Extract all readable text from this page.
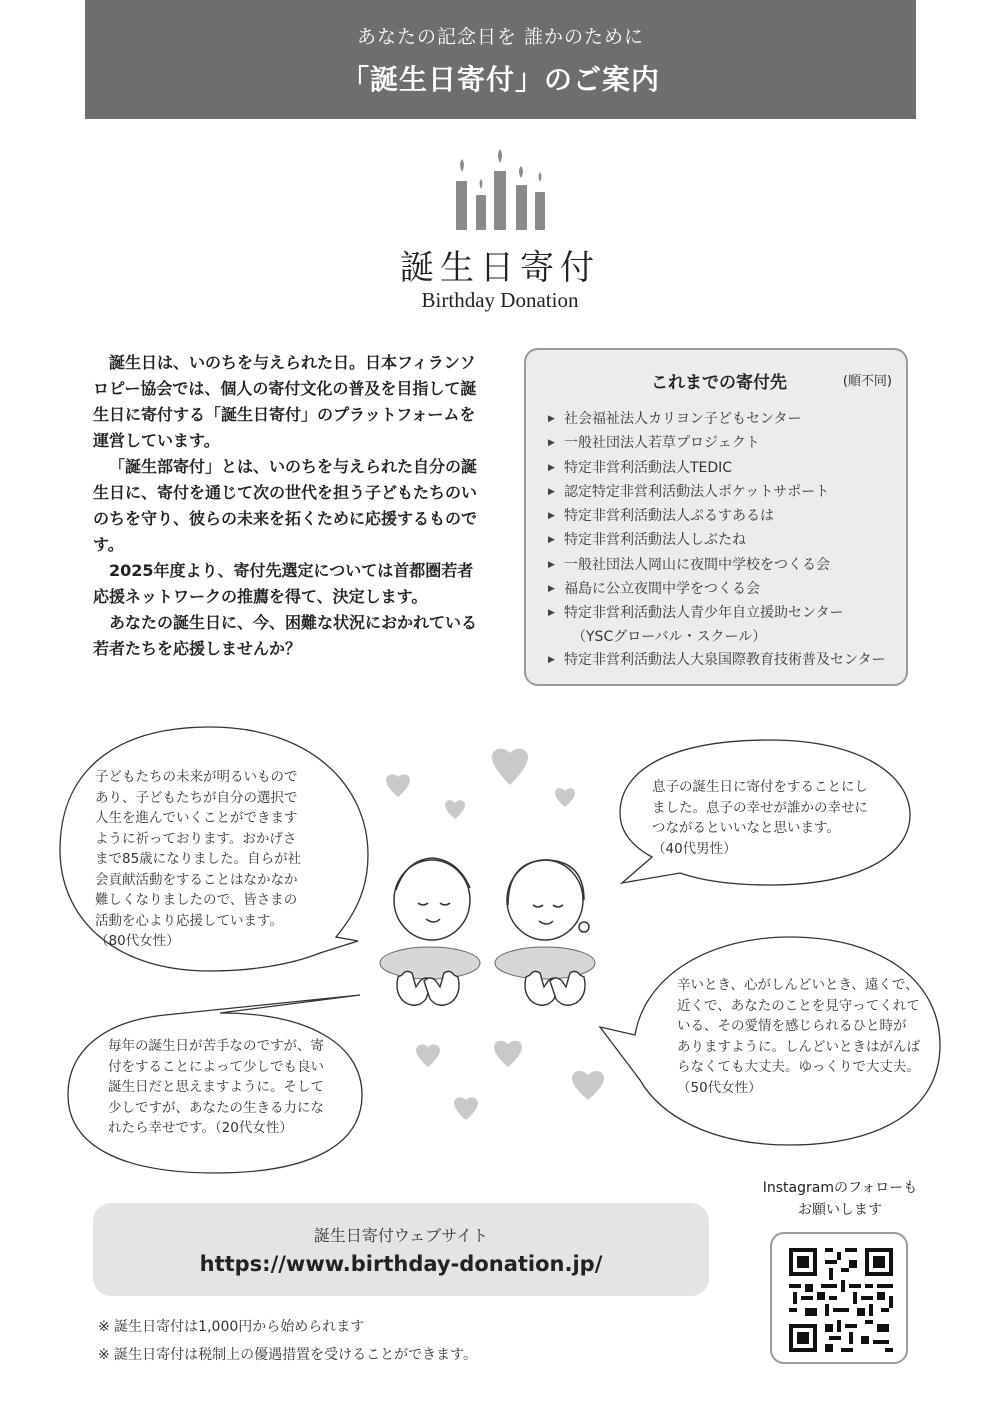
あなたの記念日を 誰かのために
「誕生日寄付」のご案内
誕生日寄付
Birthday Donation

誕生日は、いのちを与えられた日。日本フィランソロピー協会では、個人の寄付文化の普及を目指して誕生日に寄付する「誕生日寄付」のプラットフォームを運営しています。

「誕生部寄付」とは、いのちを与えられた自分の誕生日に、寄付を通じて次の世代を担う子どもたちのいのちを守り、彼らの未来を拓くために応援するものです。

2025年度より、寄付先選定については首都圏若者応援ネットワークの推薦を得て、決定します。

あなたの誕生日に、今、困難な状況におかれている若者たちを応援しませんか？

これまでの寄付先	(順不同)
▶ 社会福祉法人カリヨン子どもセンター
▶ 一般社団法人若草プロジェクト
▶ 特定非営利活動法人TEDIC
▶ 認定特定非営利活動法人ポケットサポート
▶ 特定非営利活動法人ぷるすあるは
▶ 特定非営利活動法人しぶたね
▶ 一般社団法人岡山に夜間中学校をつくる会
▶ 福島に公立夜間中学をつくる会
▶ 特定非営利活動法人青少年自立援助センター
（YSCグローバル・スクール）
▶ 特定非営利活動法人大泉国際教育技術普及センター
子どもたちの未来が明るいもので
あり、子どもたちが自分の選択で
人生を進んでいくことができます
ように祈っております。おかげさ
まで85歳になりました。自らが社
会貢献活動をすることはなかなか
難しくなりましたので、皆さまの
活動を心より応援しています。
（80代女性）
息子の誕生日に寄付をすることにし
ました。息子の幸せが誰かの幸せに
つながるといいなと思います。
（40代男性）
毎年の誕生日が苦手なのですが、寄
付をすることによって少しでも良い
誕生日だと思えますように。そして
少しですが、あなたの生きる力にな
れたら幸せです。（20代女性）
辛いとき、心がしんどいとき、遠くで、
近くで、あなたのことを見守ってくれて
いる、その愛情を感じられるひと時が
ありますように。しんどいときはがんば
らなくても大丈夫。ゆっくりで大丈夫。
（50代女性）
誕生日寄付ウェブサイト
https://www.birthday-donation.jp/
Instagramのフォローも
お願いします
※ 誕生日寄付は1,000円から始められます
※ 誕生日寄付は税制上の優遇措置を受けることができます。
